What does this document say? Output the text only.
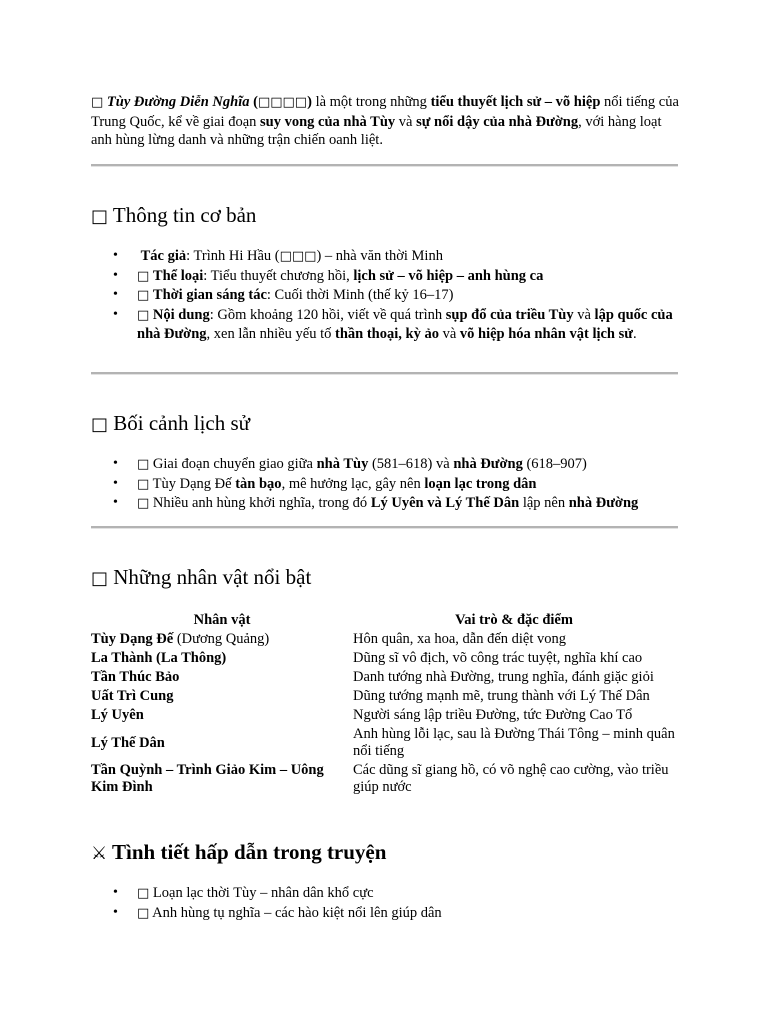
□ Tùy Đường Diễn Nghĩa (□□□□) là một trong những tiểu thuyết lịch sử – võ hiệp nổi tiếng của Trung Quốc, kể về giai đoạn suy vong của nhà Tùy và sự nổi dậy của nhà Đường, với hàng loạt anh hùng lừng danh và những trận chiến oanh liệt.

□ Thông tin cơ bản
• Tác giả: Trình Hi Hầu (□□□) – nhà văn thời Minh
• □ Thể loại: Tiểu thuyết chương hồi, lịch sử – võ hiệp – anh hùng ca
• □ Thời gian sáng tác: Cuối thời Minh (thế kỷ 16–17)
• □ Nội dung: Gồm khoảng 120 hồi, viết về quá trình sụp đổ của triều Tùy và lập quốc của nhà Đường, xen lẫn nhiều yếu tố thần thoại, kỳ ảo và võ hiệp hóa nhân vật lịch sử.
□ Bối cảnh lịch sử
• □ Giai đoạn chuyển giao giữa nhà Tùy (581–618) và nhà Đường (618–907)
• □ Tùy Dạng Đế tàn bạo, mê hưởng lạc, gây nên loạn lạc trong dân
• □ Nhiều anh hùng khởi nghĩa, trong đó Lý Uyên và Lý Thế Dân lập nên nhà Đường
□ Những nhân vật nổi bật
Nhân vật	Vai trò & đặc điểm
Tùy Dạng Đế (Dương Quảng)	Hôn quân, xa hoa, dẫn đến diệt vong
La Thành (La Thông)	Dũng sĩ vô địch, võ công trác tuyệt, nghĩa khí cao
Tần Thúc Bảo	Danh tướng nhà Đường, trung nghĩa, đánh giặc giỏi
Uất Trì Cung	Dũng tướng mạnh mẽ, trung thành với Lý Thế Dân
Lý Uyên	Người sáng lập triều Đường, tức Đường Cao Tổ
Lý Thế Dân	Anh hùng lỗi lạc, sau là Đường Thái Tông – minh quân nổi tiếng
Tần Quỳnh – Trình Giảo Kim – Uông Kim Đình	Các dũng sĩ giang hồ, có võ nghệ cao cường, vào triều giúp nước
⚔ Tình tiết hấp dẫn trong truyện
• □ Loạn lạc thời Tùy – nhân dân khổ cực
• □ Anh hùng tụ nghĩa – các hào kiệt nổi lên giúp dân
